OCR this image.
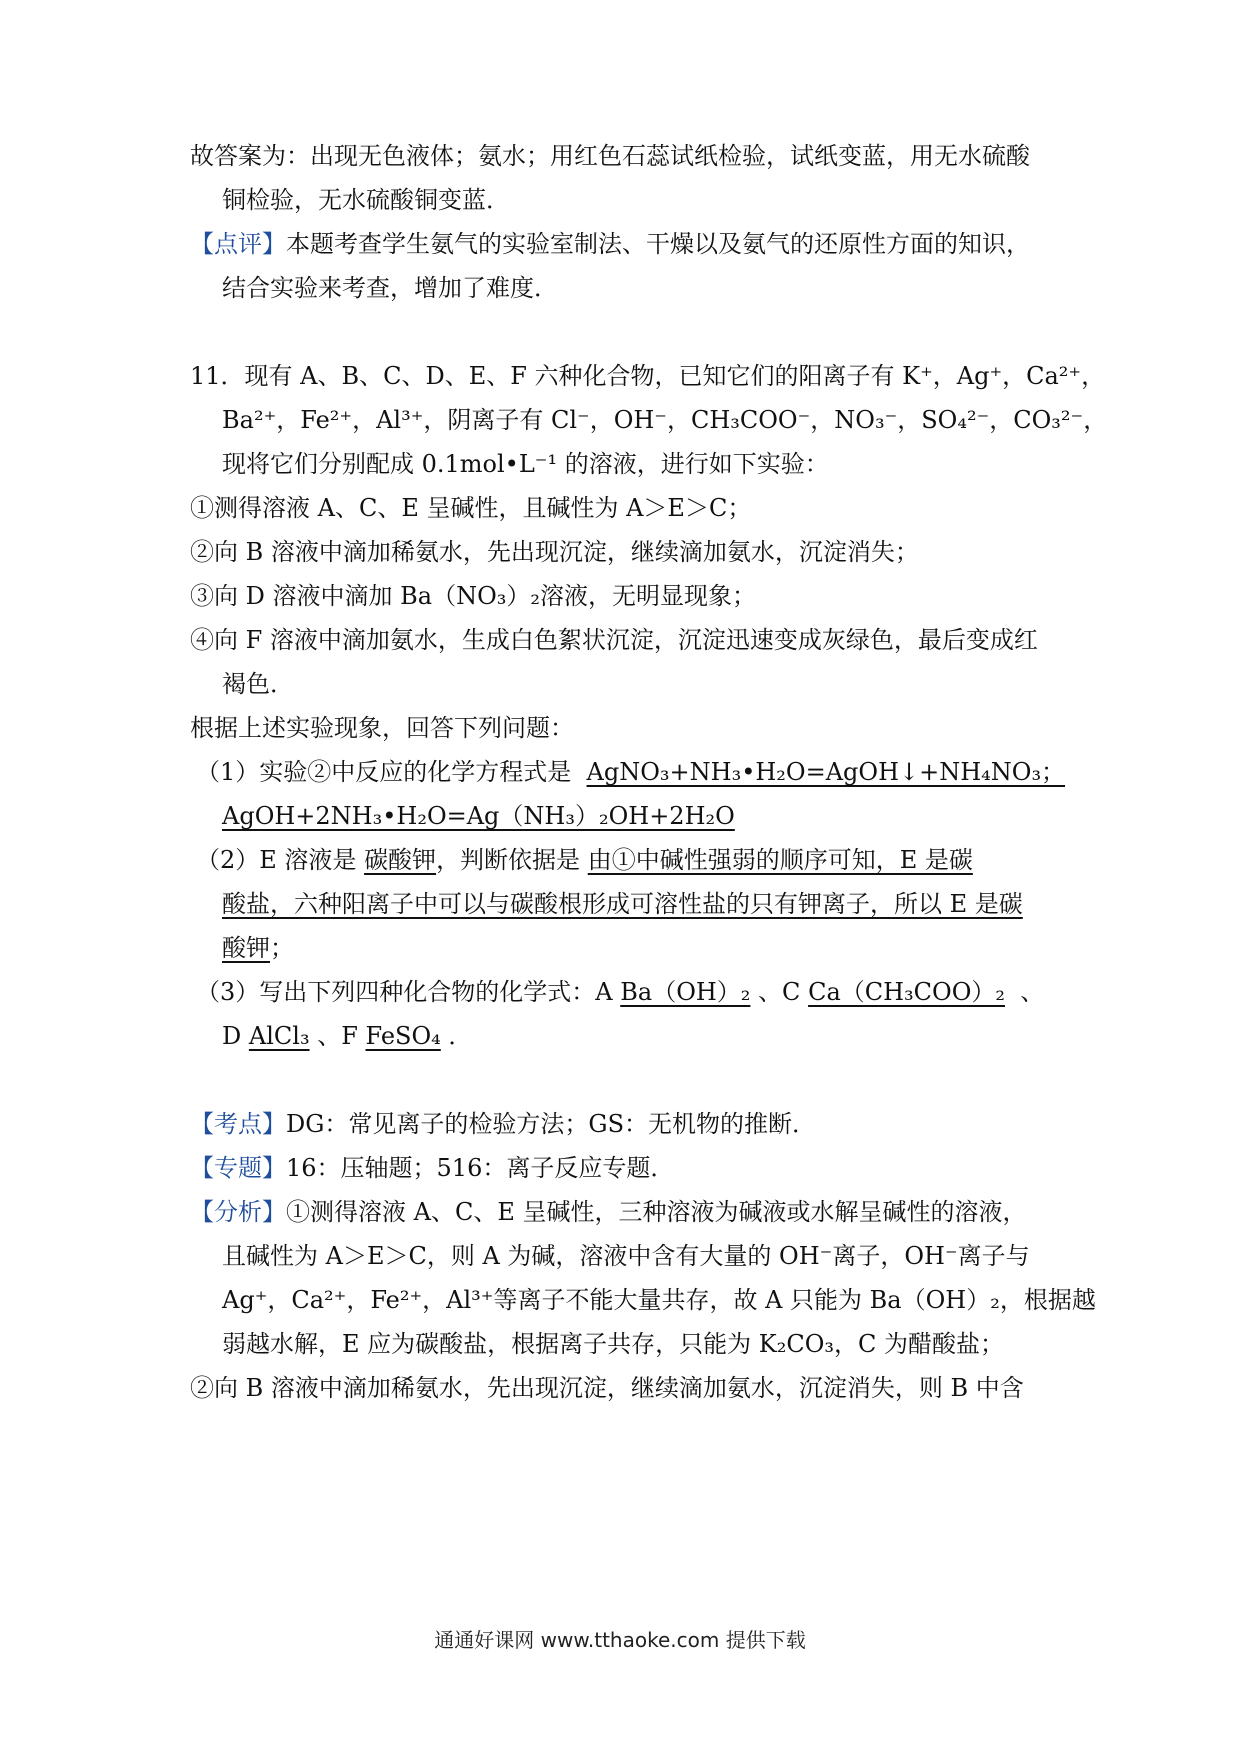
故答案为：出现无色液体；氨水；用红色石蕊试纸检验，试纸变蓝，用无水硫酸
铜检验，无水硫酸铜变蓝．
【点评】本题考查学生氨气的实验室制法、干燥以及氨气的还原性方面的知识，
结合实验来考查，增加了难度．
11．现有 A、B、C、D、E、F 六种化合物，已知它们的阳离子有 K⁺，Ag⁺，Ca²⁺，
Ba²⁺，Fe²⁺，Al³⁺，阴离子有 Cl⁻，OH⁻，CH₃COO⁻，NO₃⁻，SO₄²⁻，CO₃²⁻，
现将它们分别配成 0.1mol•L⁻¹ 的溶液，进行如下实验：
①测得溶液 A、C、E 呈碱性，且碱性为 A＞E＞C；
②向 B 溶液中滴加稀氨水，先出现沉淀，继续滴加氨水，沉淀消失；
③向 D 溶液中滴加 Ba（NO₃）₂溶液，无明显现象；
④向 F 溶液中滴加氨水，生成白色絮状沉淀，沉淀迅速变成灰绿色，最后变成红
褐色．
根据上述实验现象，回答下列问题：
（1）实验②中反应的化学方程式是 AgNO₃+NH₃•H₂O=AgOH↓+NH₄NO₃；
AgOH+2NH₃•H₂O=Ag（NH₃）₂OH+2H₂O
（2）E 溶液是 碳酸钾，判断依据是 由①中碱性强弱的顺序可知，E 是碳
酸盐，六种阳离子中可以与碳酸根形成可溶性盐的只有钾离子，所以 E 是碳
酸钾；
（3）写出下列四种化合物的化学式：A Ba（OH）₂ 、C Ca（CH₃COO）₂ 、
D AlCl₃ 、F FeSO₄ ．
【考点】DG：常见离子的检验方法；GS：无机物的推断．
【专题】16：压轴题；516：离子反应专题．
【分析】①测得溶液 A、C、E 呈碱性，三种溶液为碱液或水解呈碱性的溶液，
且碱性为 A＞E＞C，则 A 为碱，溶液中含有大量的 OH⁻离子，OH⁻离子与
Ag⁺，Ca²⁺，Fe²⁺，Al³⁺等离子不能大量共存，故 A 只能为 Ba（OH）₂，根据越
弱越水解，E 应为碳酸盐，根据离子共存，只能为 K₂CO₃，C 为醋酸盐；
②向 B 溶液中滴加稀氨水，先出现沉淀，继续滴加氨水，沉淀消失，则 B 中含
通通好课网 www.tthaoke.com 提供下载
